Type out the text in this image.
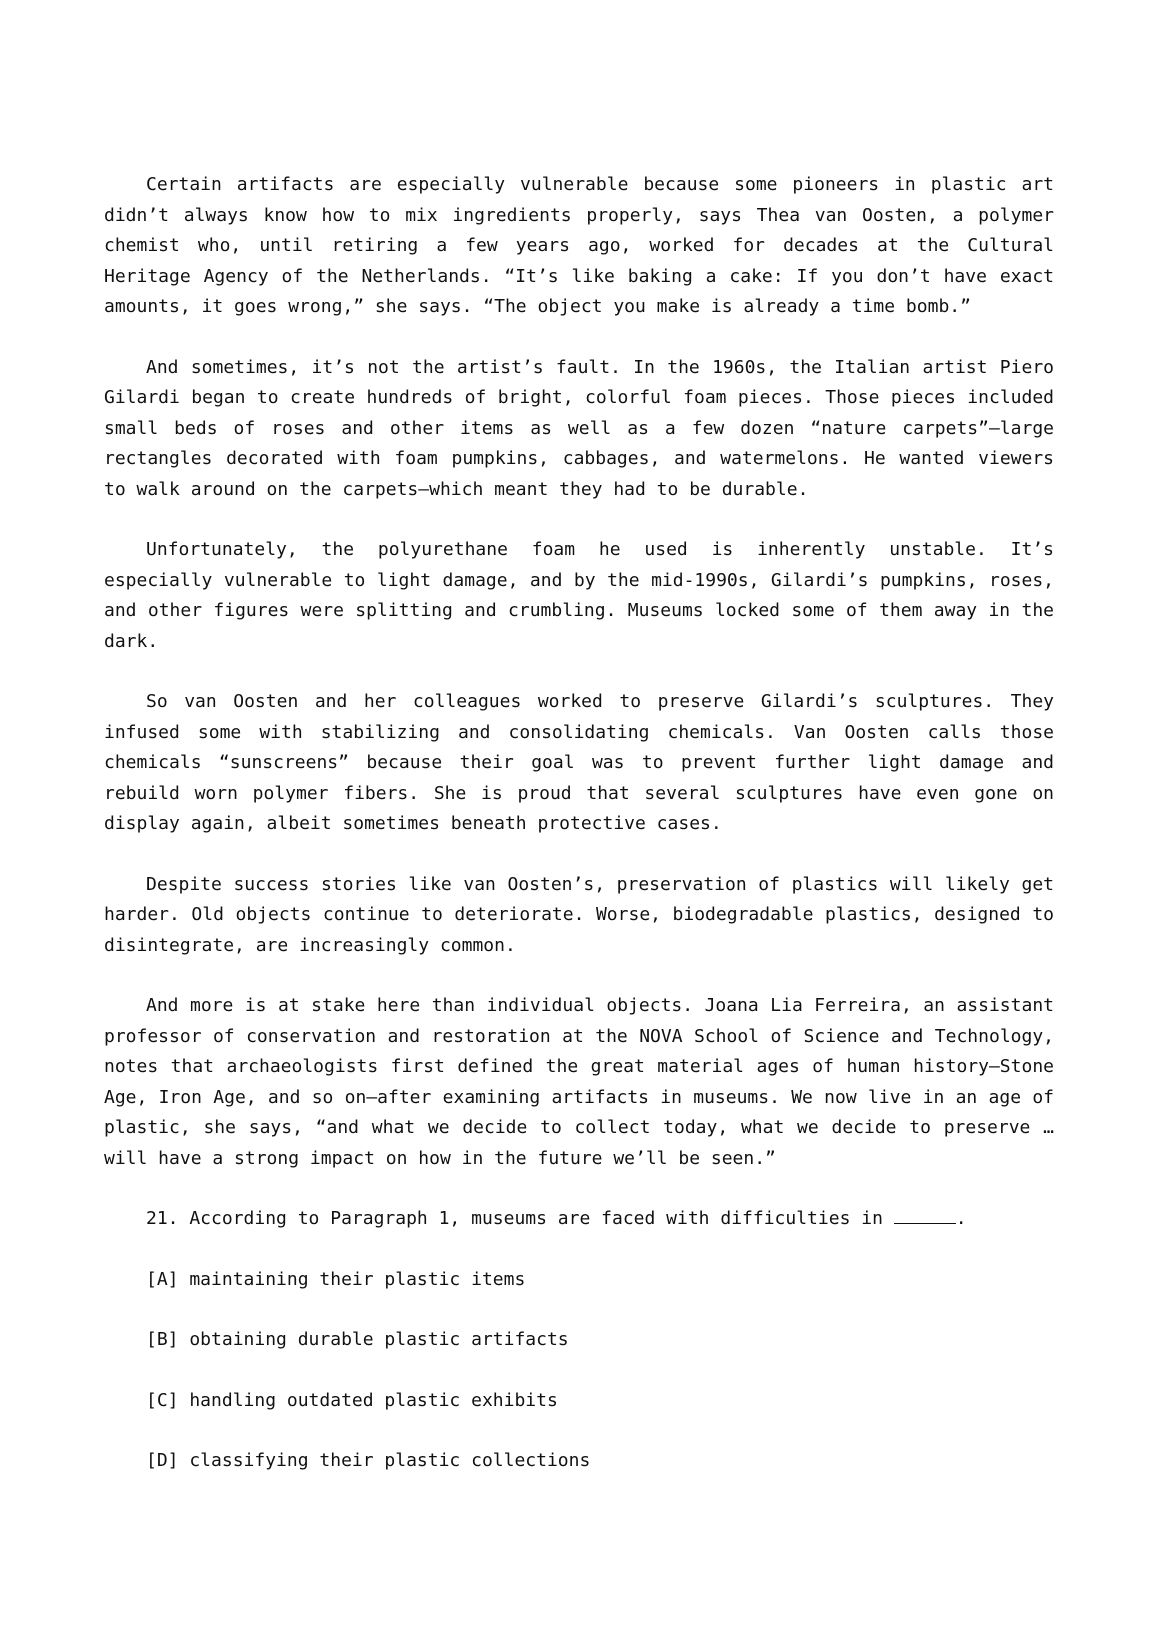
Certain artifacts are especially vulnerable because some pioneers in plastic art didn’t always know how to mix ingredients properly, says Thea van Oosten, a polymer chemist who, until retiring a few years ago, worked for decades at the Cultural Heritage Agency of the Netherlands. “It’s like baking a cake: If you don’t have exact amounts, it goes wrong,” she says. “The object you make is already a time bomb.”

And sometimes, it’s not the artist’s fault. In the 1960s, the Italian artist Piero Gilardi began to create hundreds of bright, colorful foam pieces. Those pieces included small beds of roses and other items as well as a few dozen “nature carpets”—large rectangles decorated with foam pumpkins, cabbages, and watermelons. He wanted viewers to walk around on the carpets—which meant they had to be durable.

Unfortunately, the polyurethane foam he used is inherently unstable. It’s especially vulnerable to light damage, and by the mid-1990s, Gilardi’s pumpkins, roses, and other figures were splitting and crumbling. Museums locked some of them away in the dark.

So van Oosten and her colleagues worked to preserve Gilardi’s sculptures. They infused some with stabilizing and consolidating chemicals. Van Oosten calls those chemicals “sunscreens” because their goal was to prevent further light damage and rebuild worn polymer fibers. She is proud that several sculptures have even gone on display again, albeit sometimes beneath protective cases.

Despite success stories like van Oosten’s, preservation of plastics will likely get harder. Old objects continue to deteriorate. Worse, biodegradable plastics, designed to disintegrate, are increasingly common.

And more is at stake here than individual objects. Joana Lia Ferreira, an assistant professor of conservation and restoration at the NOVA School of Science and Technology, notes that archaeologists first defined the great material ages of human history—Stone Age, Iron Age, and so on—after examining artifacts in museums. We now live in an age of plastic, she says, “and what we decide to collect today, what we decide to preserve … will have a strong impact on how in the future we’ll be seen.”

21. According to Paragraph 1, museums are faced with difficulties in	.

[A] maintaining their plastic items

[B] obtaining durable plastic artifacts

[C] handling outdated plastic exhibits

[D] classifying their plastic collections
